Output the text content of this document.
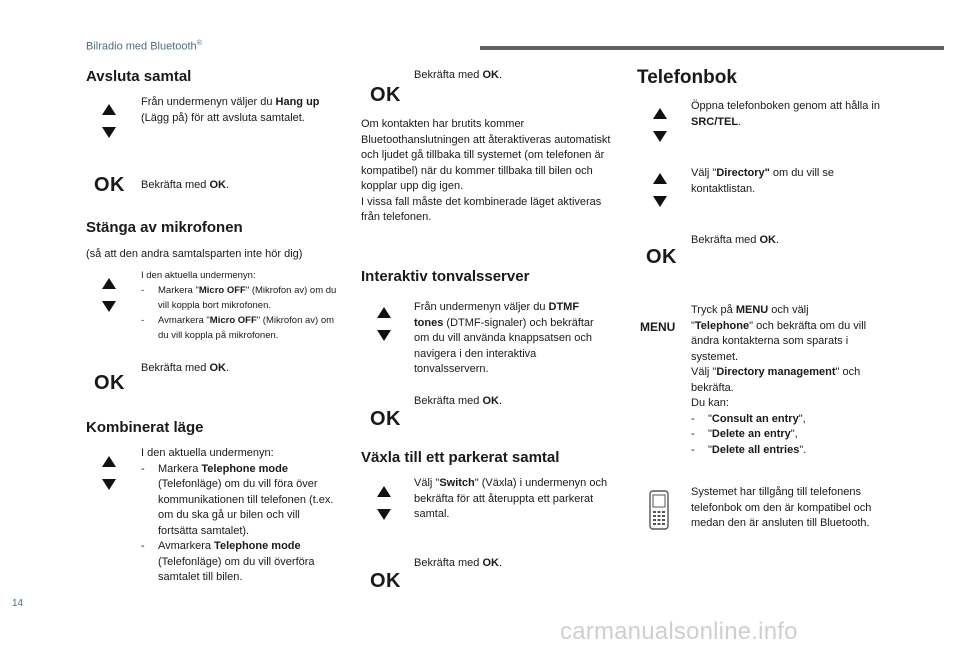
Bilradio med Bluetooth®
Avsluta samtal
Från undermenyn väljer du Hang up (Lägg på) för att avsluta samtalet.
OK Bekräfta med OK.
Stänga av mikrofonen
(så att den andra samtalsparten inte hör dig)

I den aktuella undermenyn:

- Markera "Micro OFF" (Mikrofon av) om du vill koppla bort mikrofonen.
- Avmarkera "Micro OFF" (Mikrofon av) om du vill koppla på mikrofonen.
OK
Bekräfta med OK.
Kombinerat läge

I den aktuella undermenyn:

- Markera Telephone mode (Telefonläge) om du vill föra över kommunikationen till telefonen (t.ex. om du ska gå ur bilen och vill fortsätta samtalet).
- Avmarkera Telephone mode (Telefonläge) om du vill överföra samtalet till bilen.
OK
Bekräfta med OK.

Om kontakten har brutits kommer Bluetoothanslutningen att återaktiveras automatiskt och ljudet gå tillbaka till systemet (om telefonen är kompatibel) när du kommer tillbaka till bilen och kopplar upp dig igen.

I vissa fall måste det kombinerade läget aktiveras från telefonen.

Interaktiv tonvalsserver
Från undermenyn väljer du DTMF tones (DTMF-signaler) och bekräftar om du vill använda knappsatsen och navigera i den interaktiva tonvalsservern.
OK
Bekräfta med OK.
Växla till ett parkerat samtal
Välj "Switch" (Växla) i undermenyn och bekräfta för att återuppta ett parkerat samtal.
OK
Bekräfta med OK.
Telefonbok
Öppna telefonboken genom att hålla in SRC/TEL.
Välj "Directory" om du vill se kontaktlistan.
OK
Bekräfta med OK.
MENU

Tryck på MENU och välj

"Telephone" och bekräfta om du vill ändra kontakterna som sparats i systemet.

Välj "Directory management" och bekräfta.

Du kan:

- "Consult an entry",
- "Delete an entry",
- "Delete all entries".
Systemet har tillgång till telefonens telefonbok om den är kompatibel och medan den är ansluten till Bluetooth.
14
carmanualsonline.info
